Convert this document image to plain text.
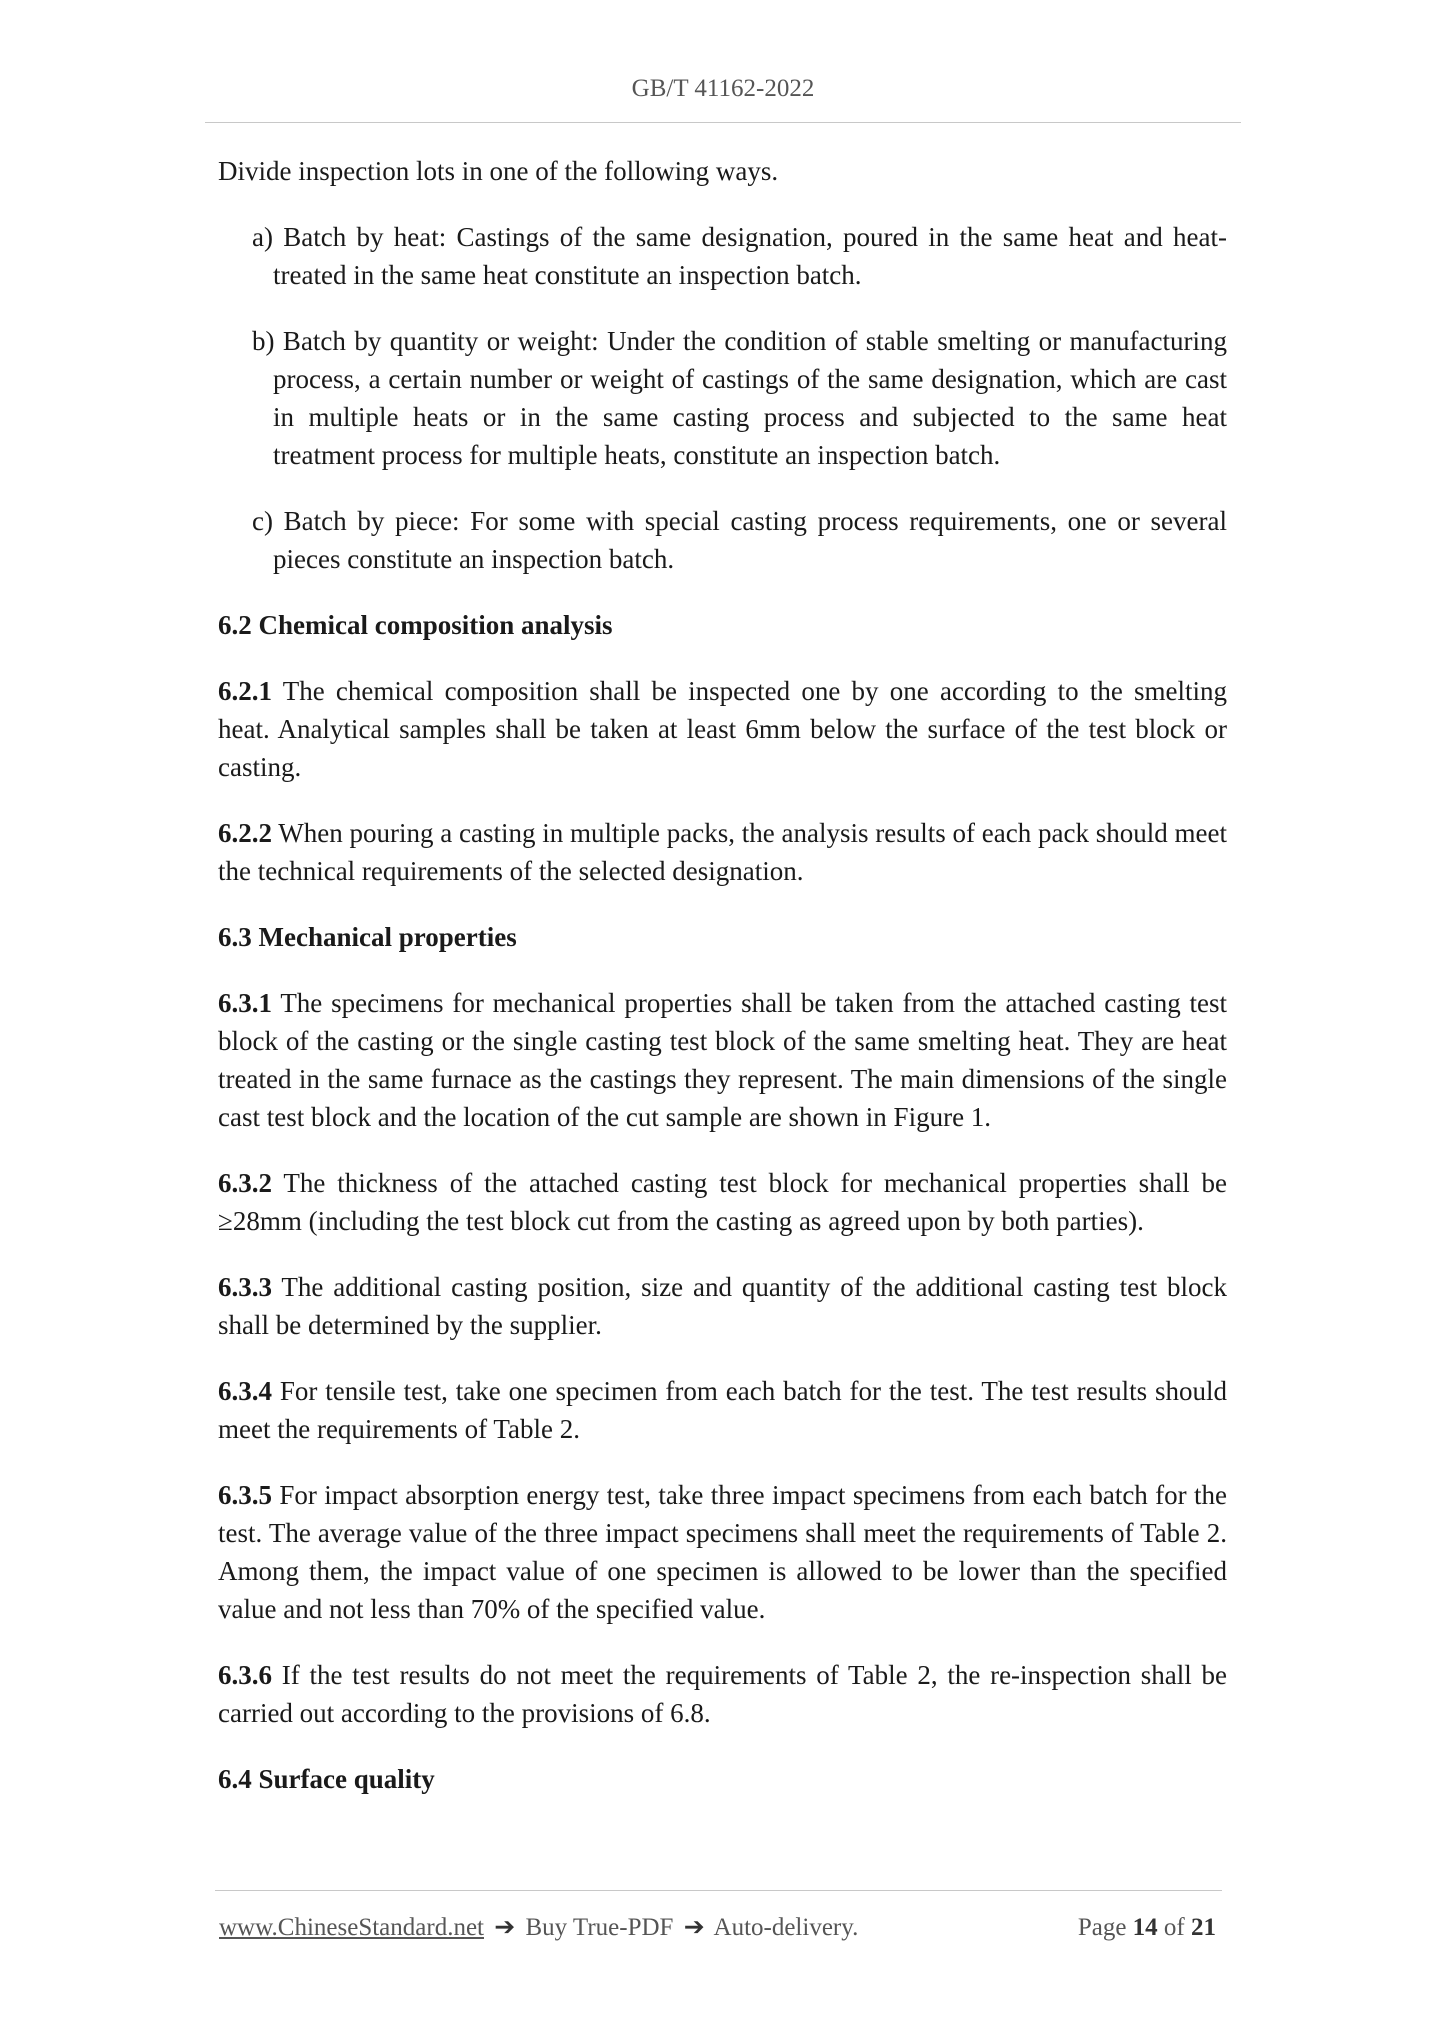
GB/T 41162-2022

Divide inspection lots in one of the following ways.

a) Batch by heat: Castings of the same designation, poured in the same heat and heat-treated in the same heat constitute an inspection batch.

b) Batch by quantity or weight: Under the condition of stable smelting or manufacturing process, a certain number or weight of castings of the same designation, which are cast in multiple heats or in the same casting process and subjected to the same heat treatment process for multiple heats, constitute an inspection batch.

c) Batch by piece: For some with special casting process requirements, one or several pieces constitute an inspection batch.

6.2 Chemical composition analysis

6.2.1 The chemical composition shall be inspected one by one according to the smelting heat. Analytical samples shall be taken at least 6mm below the surface of the test block or casting.

6.2.2 When pouring a casting in multiple packs, the analysis results of each pack should meet the technical requirements of the selected designation.

6.3 Mechanical properties

6.3.1 The specimens for mechanical properties shall be taken from the attached casting test block of the casting or the single casting test block of the same smelting heat. They are heat treated in the same furnace as the castings they represent. The main dimensions of the single cast test block and the location of the cut sample are shown in Figure 1.

6.3.2 The thickness of the attached casting test block for mechanical properties shall be ≥28mm (including the test block cut from the casting as agreed upon by both parties).

6.3.3 The additional casting position, size and quantity of the additional casting test block shall be determined by the supplier.

6.3.4 For tensile test, take one specimen from each batch for the test. The test results should meet the requirements of Table 2.

6.3.5 For impact absorption energy test, take three impact specimens from each batch for the test. The average value of the three impact specimens shall meet the requirements of Table 2. Among them, the impact value of one specimen is allowed to be lower than the specified value and not less than 70% of the specified value.

6.3.6 If the test results do not meet the requirements of Table 2, the re-inspection shall be carried out according to the provisions of 6.8.

6.4 Surface quality
www.ChineseStandard.net ➔ Buy True-PDF ➔ Auto-delivery.	Page 14 of 21
